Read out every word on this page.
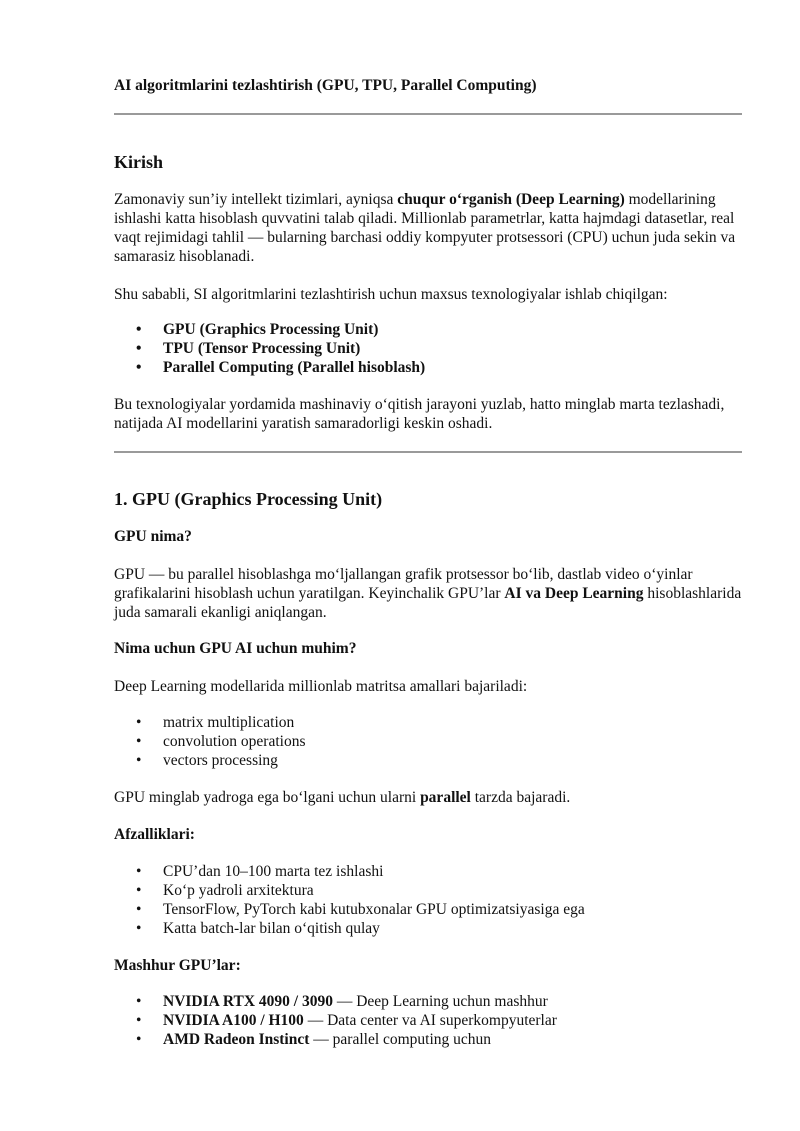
AI algoritmlarini tezlashtirish (GPU, TPU, Parallel Computing)

Kirish

Zamonaviy sun’iy intellekt tizimlari, ayniqsa chuqur o‘rganish (Deep Learning) modellarining ishlashi katta hisoblash quvvatini talab qiladi. Millionlab parametrlar, katta hajmdagi datasetlar, real vaqt rejimidagi tahlil — bularning barchasi oddiy kompyuter protsessori (CPU) uchun juda sekin va samarasiz hisoblanadi.

Shu sababli, SI algoritmlarini tezlashtirish uchun maxsus texnologiyalar ishlab chiqilgan:

• GPU (Graphics Processing Unit)
• TPU (Tensor Processing Unit)
• Parallel Computing (Parallel hisoblash)

Bu texnologiyalar yordamida mashinaviy o‘qitish jarayoni yuzlab, hatto minglab marta tezlashadi, natijada AI modellarini yaratish samaradorligi keskin oshadi.

1. GPU (Graphics Processing Unit)
GPU nima?

GPU — bu parallel hisoblashga mo‘ljallangan grafik protsessor bo‘lib, dastlab video o‘yinlar grafikalarini hisoblash uchun yaratilgan. Keyinchalik GPU’lar AI va Deep Learning hisoblashlarida juda samarali ekanligi aniqlangan.

Nima uchun GPU AI uchun muhim?

Deep Learning modellarida millionlab matritsa amallari bajariladi:

• matrix multiplication
• convolution operations
• vectors processing

GPU minglab yadroga ega bo‘lgani uchun ularni parallel tarzda bajaradi.

Afzalliklari:
• CPU’dan 10–100 marta tez ishlashi
• Ko‘p yadroli arxitektura
• TensorFlow, PyTorch kabi kutubxonalar GPU optimizatsiyasiga ega
• Katta batch-lar bilan o‘qitish qulay
Mashhur GPU’lar:
• NVIDIA RTX 4090 / 3090 — Deep Learning uchun mashhur
• NVIDIA A100 / H100 — Data center va AI superkompyuterlar
• AMD Radeon Instinct — parallel computing uchun
